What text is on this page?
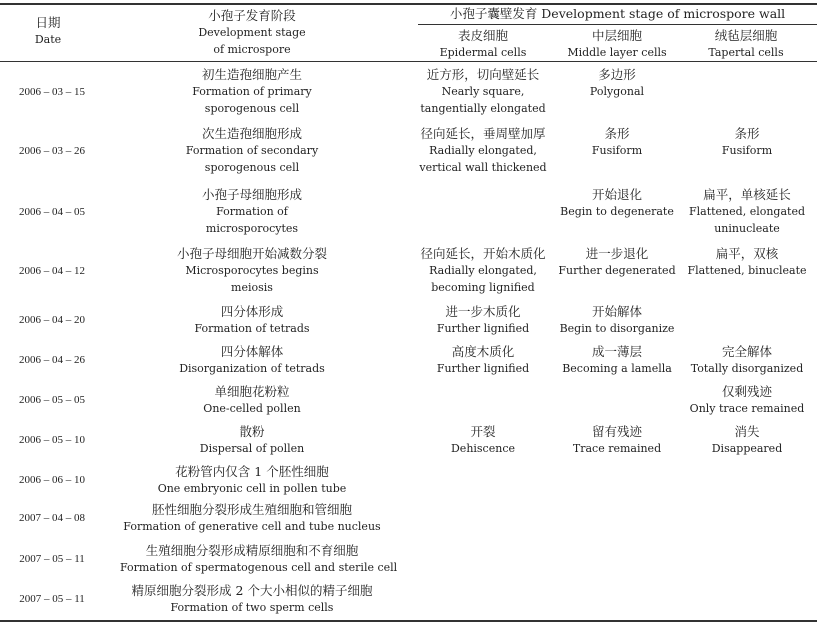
日期
Date
小孢子发育阶段
Development stage
of microspore
小孢子囊壁发育 Development stage of microspore wall
表皮细胞
Epidermal cells
中层细胞
Middle layer cells
绒毡层细胞
Tapertal cells
2006 – 03 – 15
初生造孢细胞产生
Formation of primary
sporogenous cell
近方形，切向壁延长
Nearly square,
tangentially elongated
多边形
Polygonal
2006 – 03 – 26
次生造孢细胞形成
Formation of secondary
sporogenous cell
径向延长，垂周壁加厚
Radially elongated,
vertical wall thickened
条形
Fusiform
条形
Fusiform
2006 – 04 – 05
小孢子母细胞形成
Formation of
microsporocytes
开始退化
Begin to degenerate
扁平，单核延长
Flattened, elongated
uninucleate
2006 – 04 – 12
小孢子母细胞开始减数分裂
Microsporocytes begins
meiosis
径向延长，开始木质化
Radially elongated,
becoming lignified
进一步退化
Further degenerated
扁平，双核
Flattened, binucleate
2006 – 04 – 20
四分体形成
Formation of tetrads
进一步木质化
Further lignified
开始解体
Begin to disorganize
2006 – 04 – 26
四分体解体
Disorganization of tetrads
高度木质化
Further lignified
成一薄层
Becoming a lamella
完全解体
Totally disorganized
2006 – 05 – 05
单细胞花粉粒
One-celled pollen
仅剩残迹
Only trace remained
2006 – 05 – 10
散粉
Dispersal of pollen
开裂
Dehiscence
留有残迹
Trace remained
消失
Disappeared
2006 – 06 – 10
花粉管内仅含 1 个胚性细胞
One embryonic cell in pollen tube
2007 – 04 – 08
胚性细胞分裂形成生殖细胞和管细胞
Formation of generative cell and tube nucleus
2007 – 05 – 11
生殖细胞分裂形成精原细胞和不育细胞
Formation of spermatogenous cell and sterile cell
2007 – 05 – 11
精原细胞分裂形成 2 个大小相似的精子细胞
Formation of two sperm cells
